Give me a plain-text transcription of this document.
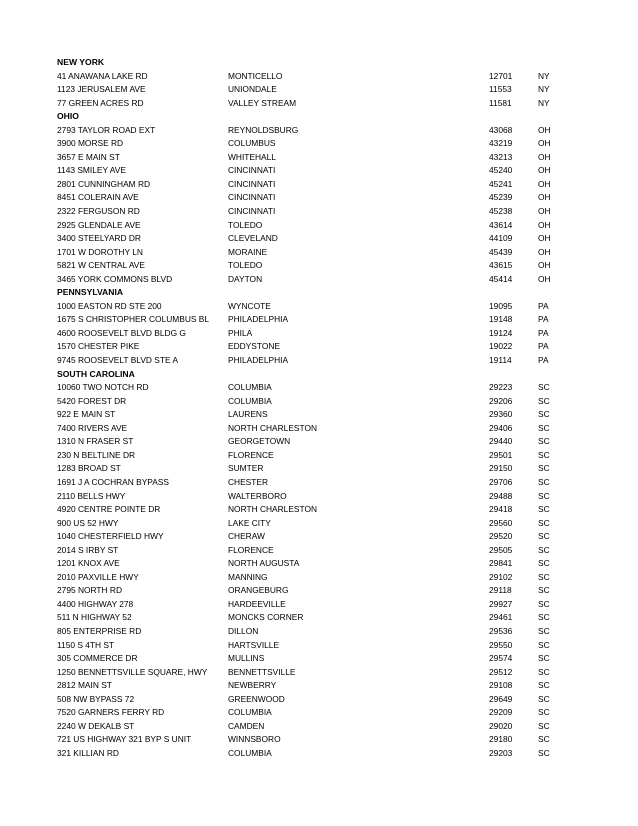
NEW YORK
41 ANAWANA LAKE RD	MONTICELLO	12701	NY
1123 JERUSALEM AVE	UNIONDALE	11553	NY
77 GREEN ACRES RD	VALLEY STREAM	11581	NY
OHIO
2793 TAYLOR ROAD EXT	REYNOLDSBURG	43068	OH
3900 MORSE RD	COLUMBUS	43219	OH
3657 E MAIN ST	WHITEHALL	43213	OH
1143 SMILEY AVE	CINCINNATI	45240	OH
2801 CUNNINGHAM RD	CINCINNATI	45241	OH
8451 COLERAIN AVE	CINCINNATI	45239	OH
2322 FERGUSON RD	CINCINNATI	45238	OH
2925 GLENDALE AVE	TOLEDO	43614	OH
3400 STEELYARD DR	CLEVELAND	44109	OH
1701 W DOROTHY LN	MORAINE	45439	OH
5821 W CENTRAL AVE	TOLEDO	43615	OH
3465 YORK COMMONS BLVD	DAYTON	45414	OH
PENNSYLVANIA
1000 EASTON RD STE 200	WYNCOTE	19095	PA
1675 S CHRISTOPHER COLUMBUS BL	PHILADELPHIA	19148	PA
4600 ROOSEVELT BLVD BLDG G	PHILA	19124	PA
1570 CHESTER PIKE	EDDYSTONE	19022	PA
9745 ROOSEVELT BLVD STE A	PHILADELPHIA	19114	PA
SOUTH CAROLINA
10060 TWO NOTCH RD	COLUMBIA	29223	SC
5420 FOREST DR	COLUMBIA	29206	SC
922 E MAIN ST	LAURENS	29360	SC
7400 RIVERS AVE	NORTH CHARLESTON	29406	SC
1310 N FRASER ST	GEORGETOWN	29440	SC
230 N BELTLINE DR	FLORENCE	29501	SC
1283 BROAD ST	SUMTER	29150	SC
1691 J A COCHRAN BYPASS	CHESTER	29706	SC
2110 BELLS HWY	WALTERBORO	29488	SC
4920 CENTRE POINTE DR	NORTH CHARLESTON	29418	SC
900 US 52 HWY	LAKE CITY	29560	SC
1040 CHESTERFIELD HWY	CHERAW	29520	SC
2014 S IRBY ST	FLORENCE	29505	SC
1201 KNOX AVE	NORTH AUGUSTA	29841	SC
2010 PAXVILLE HWY	MANNING	29102	SC
2795 NORTH RD	ORANGEBURG	29118	SC
4400 HIGHWAY 278	HARDEEVILLE	29927	SC
511 N HIGHWAY 52	MONCKS CORNER	29461	SC
805 ENTERPRISE RD	DILLON	29536	SC
1150 S 4TH ST	HARTSVILLE	29550	SC
305 COMMERCE DR	MULLINS	29574	SC
1250 BENNETTSVILLE SQUARE, HWY	BENNETTSVILLE	29512	SC
2812 MAIN ST	NEWBERRY	29108	SC
508 NW BYPASS 72	GREENWOOD	29649	SC
7520 GARNERS FERRY RD	COLUMBIA	29209	SC
2240 W DEKALB ST	CAMDEN	29020	SC
721 US HIGHWAY 321 BYP S UNIT	WINNSBORO	29180	SC
321 KILLIAN RD	COLUMBIA	29203	SC
